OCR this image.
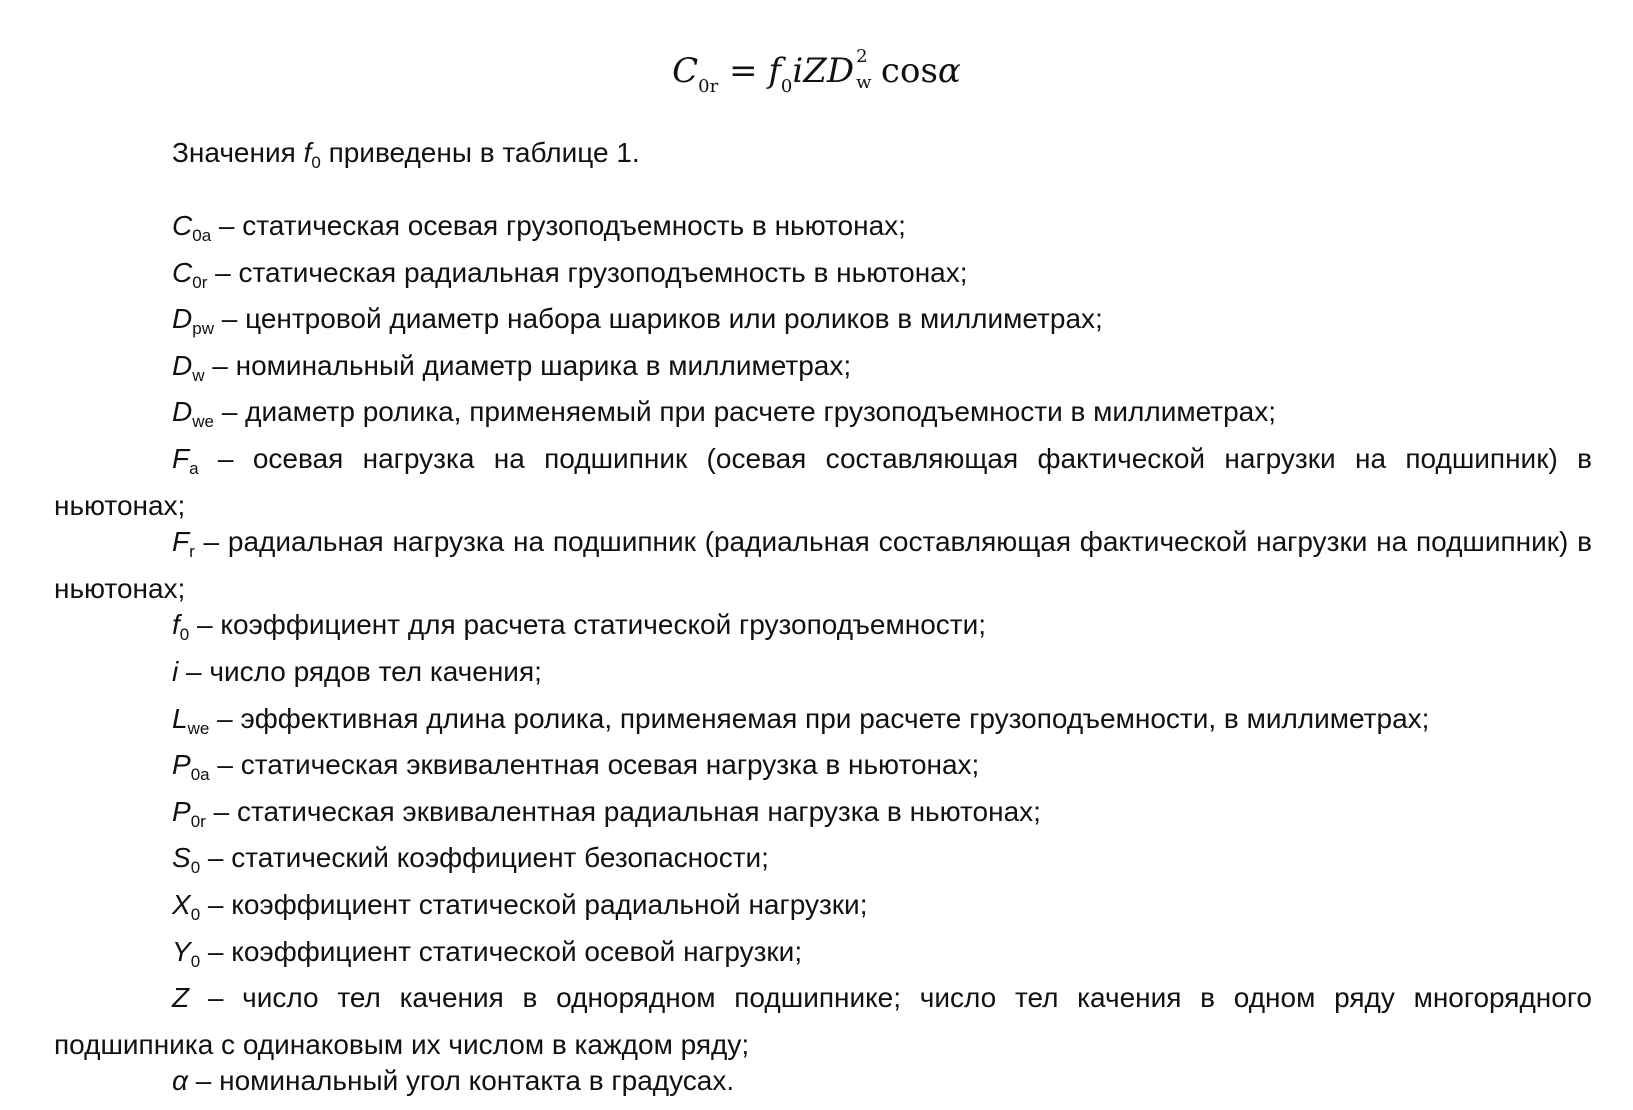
$C_{0r} = f_0iZD$ 2
w
cosα
Значения $f_0$ приведены в таблице 1.

$C_{0a}$ – статическая осевая грузоподъемность в ньютонах;

$C_{0r}$ – статическая радиальная грузоподъемность в ньютонах;

$D_{pw}$ – центровой диаметр набора шариков или роликов в миллиметрах;

$D_w$ – номинальный диаметр шарика в миллиметрах;

$D_{we}$ – диаметр ролика, применяемый при расчете грузоподъемности в миллиметрах;

$F_a$ – осевая нагрузка на подшипник (осевая составляющая фактической нагрузки на подшипник) в ньютонах;

$F_r$ – радиальная нагрузка на подшипник (радиальная составляющая фактической нагрузки на подшипник) в ньютонах;

$f_0$ – коэффициент для расчета статической грузоподъемности;

i – число рядов тел качения;

$L_{we}$ – эффективная длина ролика, применяемая при расчете грузоподъемности, в миллиметрах;

$P_{0a}$ – статическая эквивалентная осевая нагрузка в ньютонах;

$P_{0r}$ – статическая эквивалентная радиальная нагрузка в ньютонах;

$S_0$ – статический коэффициент безопасности;

$X_0$ – коэффициент статической радиальной нагрузки;

$Y_0$ – коэффициент статической осевой нагрузки;

Z – число тел качения в однорядном подшипнике; число тел качения в одном ряду многорядного подшипника с одинаковым их числом в каждом ряду;

α – номинальный угол контакта в градусах.
